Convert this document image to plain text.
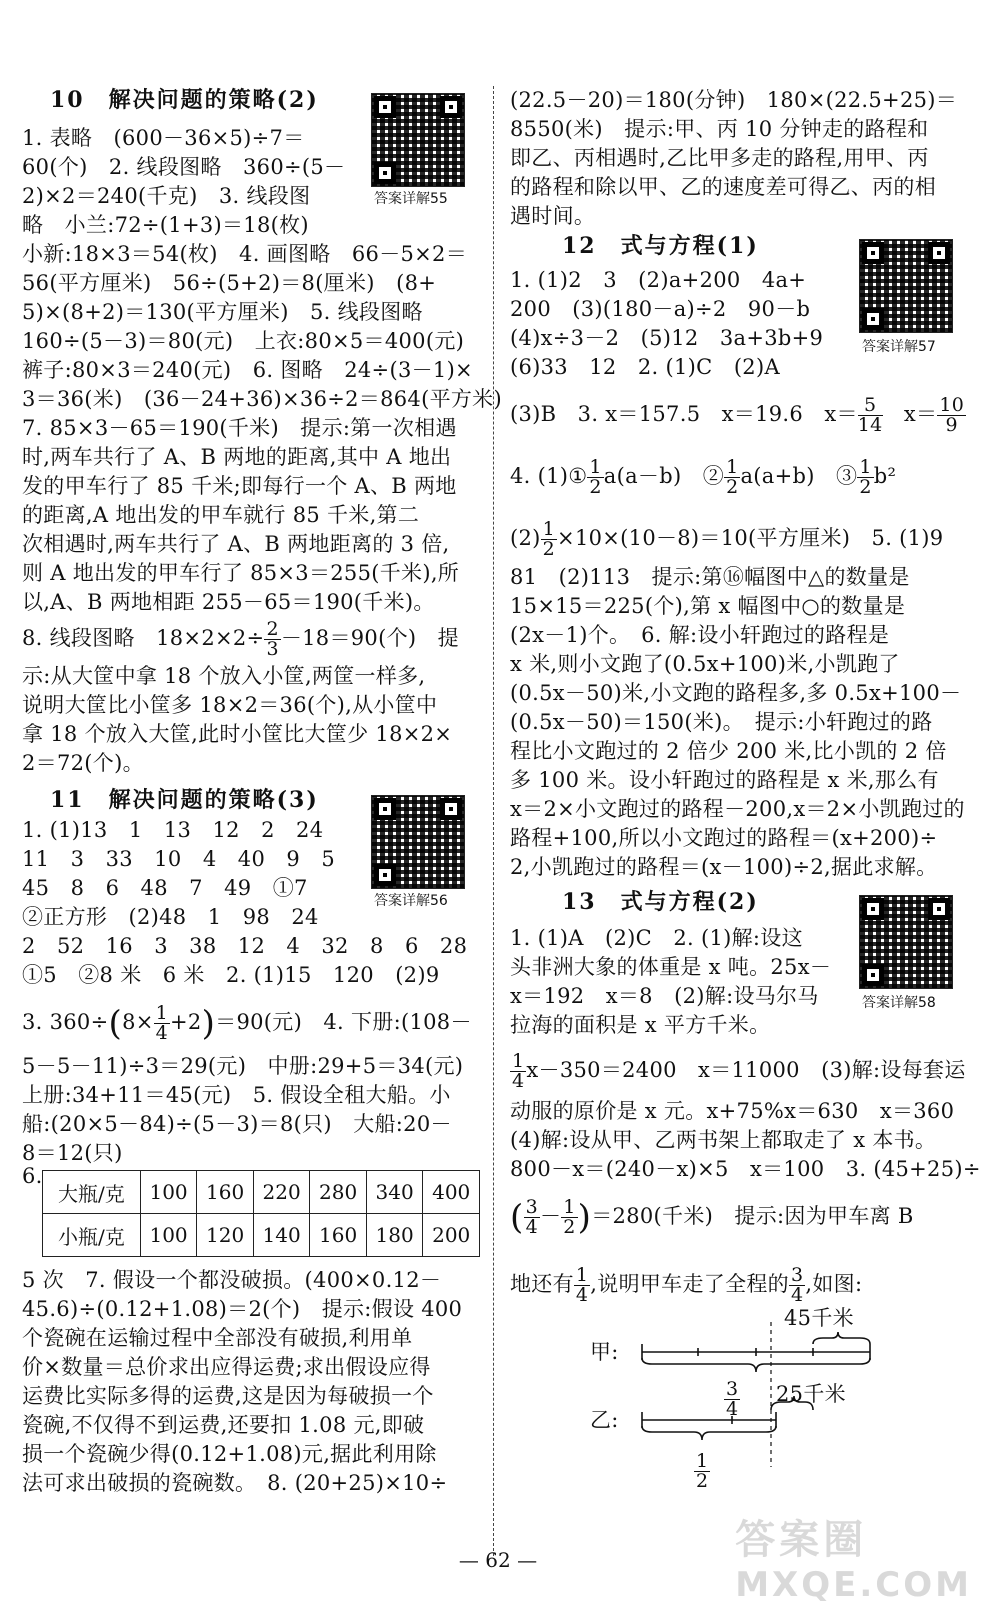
10　解决问题的策略(2)
答案详解55
1. 表略　(600－36×5)÷7＝
60(个)　2. 线段图略　360÷(5－
2)×2＝240(千克)　3. 线段图
略　小兰:72÷(1+3)＝18(枚)
小新:18×3＝54(枚)　4. 画图略　66－5×2＝
56(平方厘米)　56÷(5+2)＝8(厘米)　(8+
5)×(8+2)＝130(平方厘米)　5. 线段图略
160÷(5－3)＝80(元)　上衣:80×5＝400(元)
裤子:80×3＝240(元)　6. 图略　24÷(3－1)×
3＝36(米)　(36－24+36)×36÷2＝864(平方米)
7. 85×3－65＝190(千米)　提示:第一次相遇
时,两车共行了 A、B 两地的距离,其中 A 地出
发的甲车行了 85 千米;即每行一个 A、B 两地
的距离,A 地出发的甲车就行 85 千米,第二
次相遇时,两车共行了 A、B 两地距离的 3 倍,
则 A 地出发的甲车行了 85×3＝255(千米),所
以,A、B 两地相距 255－65＝190(千米)。
8. 线段图略　$18\times 2\times 2\div \frac{2}{3} -18=90$(个)　提
示:从大筐中拿 18 个放入小筐,两筐一样多,
说明大筐比小筐多 18×2＝36(个),从小筐中
拿 18 个放入大筐,此时小筐比大筐少 18×2×
2＝72(个)。
11　解决问题的策略(3)
答案详解56
1. (1)13　1　13　12　2　24
11　3　33　10　4　40　9　5
45　8　6　48　7　49　①7
②正方形　(2)48　1　98　24
2　52　16　3　38　12　4　32　8　6　28
①5　②8 米　6 米　2. (1)15　120　(2)9
3. $360\div(8\times \frac{1}{4} +2)=90$(元)　4. 下册:(108－
5－5－11)÷3＝29(元)　中册:29+5＝34(元)
上册:34+11＝45(元)　5. 假设全租大船。小
船:(20×5－84)÷(5－3)＝8(只)　大船:20－
8＝12(只)
6.
大瓶/克	100	160	220	280	340	400
小瓶/克	100	120	140	160	180	200
5 次　7. 假设一个都没破损。(400×0.12－
45.6)÷(0.12+1.08)＝2(个)　提示:假设 400
个瓷碗在运输过程中全部没有破损,利用单
价×数量＝总价求出应得运费;求出假设应得
运费比实际多得的运费,这是因为每破损一个
瓷碗,不仅得不到运费,还要扣 1.08 元,即破
损一个瓷碗少得(0.12+1.08)元,据此利用除
法可求出破损的瓷碗数。　8. (20+25)×10÷
(22.5－20)＝180(分钟)　180×(22.5+25)＝
8550(米)　提示:甲、丙 10 分钟走的路程和
即乙、丙相遇时,乙比甲多走的路程,用甲、丙
的路程和除以甲、乙的速度差可得乙、丙的相
遇时间。
12　式与方程(1)
答案详解57
1. (1)2　3　(2)a+200　4a+
200　(3)(180－a)÷2　90－b
(4)x÷3－2　(5)12　3a+3b+9
(6)33　12　2. (1)C　(2)A
(3)B　3. x＝157.5　x＝19.6　$x= \frac{5}{14}$ 　$x= \frac{10}{9}$
4. (1)① $\frac{1}{2} a(a-b)$　② $\frac{1}{2} a(a+b)$　③ $\frac{1}{2} b^2$
$(2) \frac{1}{2} \times 10\times(10-8)=10$(平方厘米)　5. (1)9
81　(2)113　提示:第⑯幅图中△的数量是
15×15＝225(个),第 x 幅图中○的数量是
(2x－1)个。　6. 解:设小轩跑过的路程是
x 米,则小文跑了(0.5x+100)米,小凯跑了
(0.5x－50)米,小文跑的路程多,多 0.5x+100－
(0.5x－50)＝150(米)。　提示:小轩跑过的路
程比小文跑过的 2 倍少 200 米,比小凯的 2 倍
多 100 米。设小轩跑过的路程是 x 米,那么有
x＝2×小文跑过的路程－200,x＝2×小凯跑过的
路程+100,所以小文跑过的路程＝(x+200)÷
2,小凯跑过的路程＝(x－100)÷2,据此求解。
13　式与方程(2)
答案详解58
1. (1)A　(2)C　2. (1)解:设这
头非洲大象的体重是 x 吨。25x－
x＝192　x＝8　(2)解:设马尔马
拉海的面积是 x 平方千米。
$\frac{1}{4} x-350=2400$　x＝11000　(3)解:设每套运
动服的原价是 x 元。x+75%x＝630　x＝360
(4)解:设从甲、乙两书架上都取走了 x 本书。
800－x＝(240－x)×5　x＝100　3. (45+25)÷
( $\frac{3}{4} - \frac{1}{2} )=280$(千米)　提示:因为甲车离 B
地还有 $\frac{1}{4}$ ,说明甲车走了全程的 $\frac{3}{4}$ ,如图:
甲:
乙:
45千米
25千米
$\frac{3}{4}$
$\frac{1}{2}$
— 62 —	答案圈
MXQE.COM
